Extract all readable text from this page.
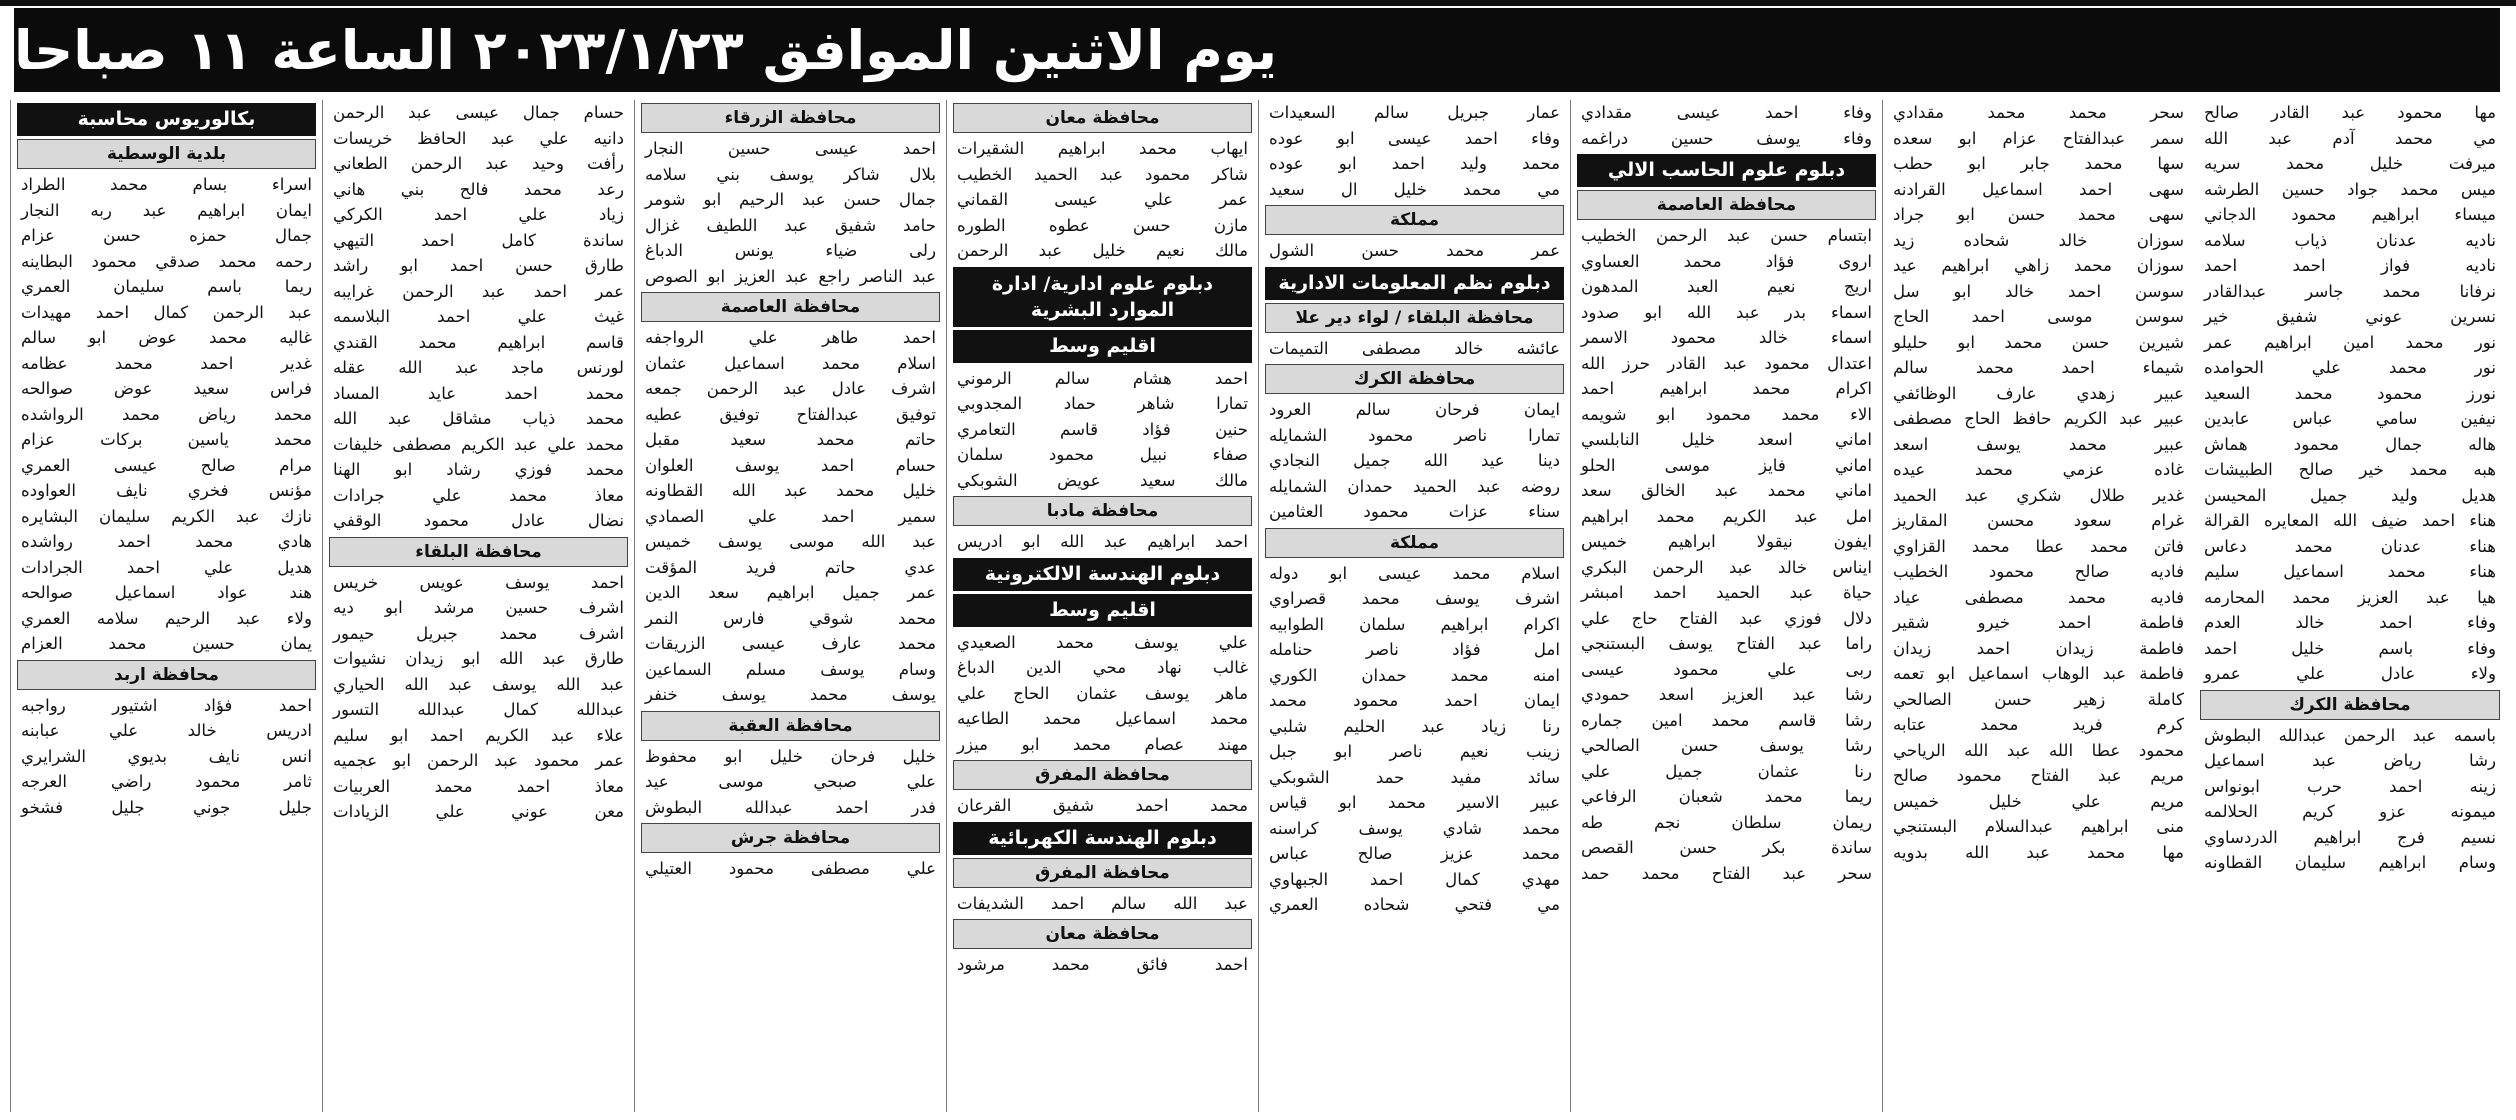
يوم الاثنين الموافق ٢٠٢٣/١/٢٣ الساعة ١١ صباحا
بكالوريوس محاسبة
بلدية الوسطية
اسراء بسام محمد الطراد
ايمان ابراهيم عبد ربه النجار
جمال حمزه حسن عزام
رحمه محمد صدقي محمود البطاينه
ريما باسم سليمان العمري
عبد الرحمن كمال احمد مهيدات
غاليه محمد عوض ابو سالم
غدير احمد محمد عظامه
فراس سعيد عوض صوالحه
محمد رياض محمد الرواشده
محمد ياسين بركات عزام
مرام صالح عيسى العمري
مؤنس فخري نايف العواوده
نازك عبد الكريم سليمان البشايره
هادي محمد احمد رواشده
هديل علي احمد الجرادات
هند عواد اسماعيل صوالحه
ولاء عبد الرحيم سلامه العمري
يمان حسين محمد العزام
محافظة اربد
احمد فؤاد اشتيور رواجبه
ادريس خالد علي عبابنه
انس نايف بديوي الشرايري
ثامر محمود راضي العرجه
جليل جوني جليل فشخو
حسام جمال عيسى عبد الرحمن
دانيه علي عبد الحافظ خريسات
رأفت وحيد عبد الرحمن الطعاني
رعد محمد فالح بني هاني
زياد علي احمد الكركي
ساندة كامل احمد التيهي
طارق حسن احمد ابو راشد
عمر احمد عبد الرحمن غرايبه
غيث علي احمد البلاسمه
قاسم ابراهيم محمد القندي
لورنس ماجد عبد الله عقله
محمد احمد عايد المساد
محمد ذياب مشاقل عبد الله
محمد علي عبد الكريم مصطفى خليفات
محمد فوزي رشاد ابو الهنا
معاذ محمد علي جرادات
نضال عادل محمود الوقفي
محافظة البلقاء
احمد يوسف عويس خريس
اشرف حسين مرشد ابو ديه
اشرف محمد جبريل حيمور
طارق عبد الله ابو زيدان نشيوات
عبد الله يوسف عبد الله الحياري
عبدالله كمال عبدالله التسور
علاء عبد الكريم احمد ابو سليم
عمر محمود عبد الرحمن ابو عجميه
معاذ احمد محمد العربيات
معن عوني علي الزيادات
محافظة الزرقاء
احمد عيسى حسين النجار
بلال شاكر يوسف بني سلامه
جمال حسن عبد الرحيم ابو شومر
حامد شفيق عبد اللطيف غزال
رلى ضياء يونس الدباغ
عبد الناصر راجع عبد العزيز ابو الصوص
محافظة العاصمة
احمد طاهر علي الرواجفه
اسلام محمد اسماعيل عثمان
اشرف عادل عبد الرحمن جمعه
توفيق عبدالفتاح توفيق عطيه
حاتم محمد سعيد مقبل
حسام احمد يوسف العلوان
خليل محمد عبد الله القطاونه
سمير احمد علي الصمادي
عبد الله موسى يوسف خميس
عدي حاتم فريد المؤقت
عمر جميل ابراهيم سعد الدين
محمد شوقي فارس النمر
محمد عارف عيسى الزريقات
وسام يوسف مسلم السماعين
يوسف محمد يوسف خنفر
محافظة العقبة
خليل فرحان خليل ابو محفوظ
علي صبحي موسى عيد
فدر احمد عبدالله البطوش
محافظة جرش
علي مصطفى محمود العتيلي
محافظة معان
ايهاب محمد ابراهيم الشقيرات
شاكر محمود عبد الحميد الخطيب
عمر علي عيسى القماني
مازن حسن عطوه الطوره
مالك نعيم خليل عبد الرحمن
دبلوم علوم ادارية/ ادارة
الموارد البشرية
اقليم وسط
احمد هشام سالم الرموني
تمارا شاهر حماد المجدوبي
حنين فؤاد قاسم التعامري
صفاء نبيل محمود سلمان
مالك سعيد عويض الشوبكي
محافظة مادبا
احمد ابراهيم عبد الله ابو ادريس
دبلوم الهندسة الالكترونية
اقليم وسط
علي يوسف محمد الصعيدي
غالب نهاد محي الدين الدباغ
ماهر يوسف عثمان الحاج علي
محمد اسماعيل محمد الطاعيه
مهند عصام محمد ابو ميزر
محافظة المفرق
محمد احمد شفيق القرعان
دبلوم الهندسة الكهربائية
محافظة المفرق
عبد الله سالم احمد الشديفات
محافظة معان
احمد فائق محمد مرشود
عمار جبريل سالم السعيدات
وفاء احمد عيسى ابو عوده
محمد وليد احمد ابو عوده
مي محمد خليل ال سعيد
مملكة
عمر محمد حسن الشول
دبلوم نظم المعلومات الادارية
محافظة البلقاء / لواء دير علا
عائشه خالد مصطفى التميمات
محافظة الكرك
ايمان فرحان سالم العرود
تمارا ناصر محمود الشمايله
دينا عيد الله جميل النجادي
روضه عبد الحميد حمدان الشمايله
سناء عزات محمود العثامين
مملكة
اسلام محمد عيسى ابو دوله
اشرف يوسف محمد قصراوي
اكرام ابراهيم سلمان الطوابيه
امل فؤاد ناصر حنامله
امنه محمد حمدان الكوري
ايمان احمد محمود محمد
رنا زياد عبد الحليم شلبي
زينب نعيم ناصر ابو جبل
سائد مفيد حمد الشوبكي
عبير الاسير محمد ابو قياس
محمد شادي يوسف كراسنه
محمد عزيز صالح عباس
مهدي كمال احمد الجبهاوي
مي فتحي شحاده العمري
وفاء احمد عيسى مقدادي
وفاء يوسف حسين دراغمه
دبلوم علوم الحاسب الالي
محافظة العاصمة
ابتسام حسن عبد الرحمن الخطيب
اروى فؤاد محمد العساوي
اريج نعيم العبد المدهون
اسماء بدر عبد الله ابو صدود
اسماء خالد محمود الاسمر
اعتدال محمود عبد القادر حرز الله
اكرام محمد ابراهيم احمد
الاء محمد محمود ابو شويمه
اماني اسعد خليل النابلسي
اماني فايز موسى الحلو
اماني محمد عبد الخالق سعد
امل عبد الكريم محمد ابراهيم
ايفون نيقولا ابراهيم خميس
ايناس خالد عبد الرحمن البكري
حياة عبد الحميد احمد امبشر
دلال فوزي عبد الفتاح حاج علي
راما عبد الفتاح يوسف البستنجي
ربى علي محمود عيسى
رشا عبد العزيز اسعد حمودي
رشا قاسم محمد امين جماره
رشا يوسف حسن الصالحي
رنا عثمان جميل علي
ريما محمد شعبان الرفاعي
ريمان سلطان نجم طه
ساندة بكر حسن القصص
سحر عبد الفتاح محمد حمد
سحر محمد محمد مقدادي
سمر عبدالفتاح عزام ابو سعده
سها محمد جابر ابو حطب
سهى احمد اسماعيل القرادنه
سهى محمد حسن ابو جراد
سوزان خالد شحاده زيد
سوزان محمد زاهي ابراهيم عيد
سوسن احمد خالد ابو سل
سوسن موسى احمد الحاج
شيرين حسن محمد ابو حليلو
شيماء احمد محمد سالم
عبير زهدي عارف الوظائفي
عبير عبد الكريم حافظ الحاج مصطفى
عبير محمد يوسف اسعد
غاده عزمي محمد عيده
غدير طلال شكري عبد الحميد
غرام سعود محسن المقاريز
فاتن محمد عطا محمد القزاوي
فاديه صالح محمود الخطيب
فاديه محمد مصطفى عياد
فاطمة احمد خيرو شقير
فاطمة زيدان احمد زيدان
فاطمة عبد الوهاب اسماعيل ابو تعمه
كاملة زهير حسن الصالحي
كرم فريد محمد عتابه
محمود عطا الله عبد الله الرياحي
مريم عبد الفتاح محمود صالح
مريم علي خليل خميس
منى ابراهيم عبدالسلام البستنجي
مها محمد عبد الله بدويه
مها محمود عبد القادر صالح
مي محمد آدم عبد الله
ميرفت خليل محمد سريه
ميس محمد جواد حسين الطرشه
ميساء ابراهيم محمود الدجاني
ناديه عدنان ذياب سلامه
ناديه فواز احمد احمد
نرفانا محمد جاسر عبدالقادر
نسرين عوني شفيق خير
نور محمد امين ابراهيم عمر
نور محمد علي الحوامده
نورز محمود محمد السعيد
نيفين سامي عباس عابدين
هاله جمال محمود هماش
هبه محمد خير صالح الطبيشات
هديل وليد جميل المحيسن
هناء احمد ضيف الله المعايره القرالة
هناء عدنان محمد دعاس
هناء محمد اسماعيل سليم
هيا عبد العزيز محمد المحارمه
وفاء احمد خالد العدم
وفاء باسم خليل احمد
ولاء عادل علي عمرو
محافظة الكرك
باسمه عبد الرحمن عبدالله البطوش
رشا رياض عبد اسماعيل
زينه احمد حرب ابونواس
ميمونه عزو كريم الحلالمه
نسيم فرج ابراهيم الدردساوي
وسام ابراهيم سليمان القطاونه
